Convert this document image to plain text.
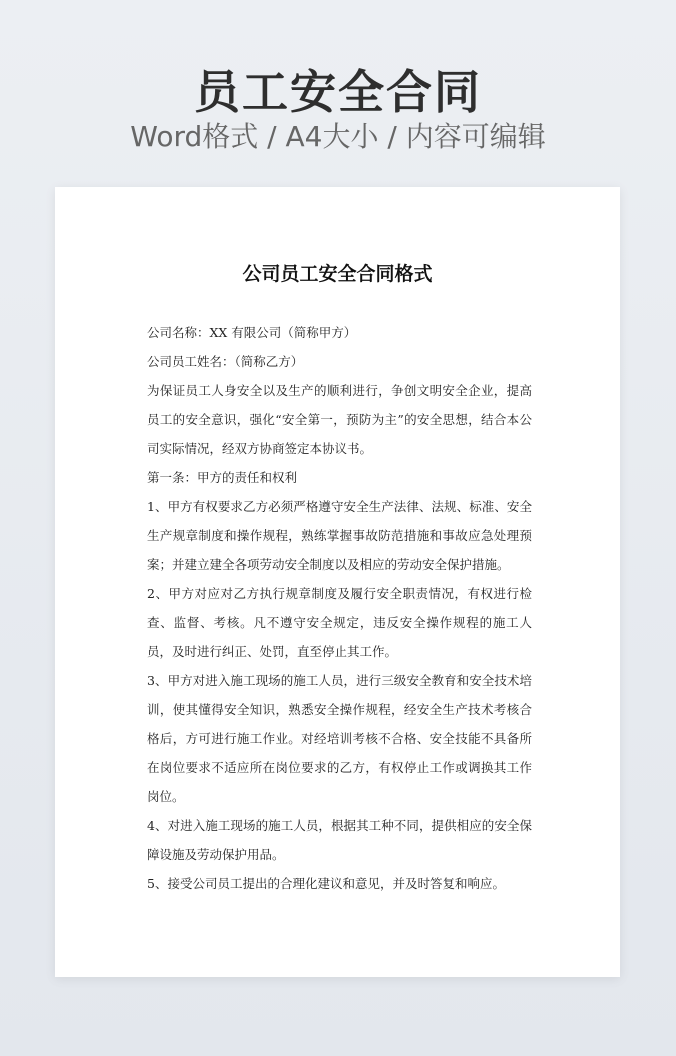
员工安全合同
Word格式 / A4大小 / 内容可编辑
公司员工安全合同格式

公司名称：XX 有限公司（简称甲方）

公司员工姓名：（简称乙方）

为保证员工人身安全以及生产的顺利进行，争创文明安全企业，提高员工的安全意识，强化“安全第一，预防为主”的安全思想，结合本公司实际情况，经双方协商签定本协议书。

第一条：甲方的责任和权利

1、甲方有权要求乙方必须严格遵守安全生产法律、法规、标准、安全生产规章制度和操作规程，熟练掌握事故防范措施和事故应急处理预案；并建立建全各项劳动安全制度以及相应的劳动安全保护措施。

2、甲方对应对乙方执行规章制度及履行安全职责情况，有权进行检查、监督、考核。凡不遵守安全规定，违反安全操作规程的施工人员，及时进行纠正、处罚，直至停止其工作。

3、甲方对进入施工现场的施工人员，进行三级安全教育和安全技术培训，使其懂得安全知识，熟悉安全操作规程，经安全生产技术考核合格后，方可进行施工作业。对经培训考核不合格、安全技能不具备所在岗位要求不适应所在岗位要求的乙方，有权停止工作或调换其工作岗位。

4、对进入施工现场的施工人员，根据其工种不同，提供相应的安全保障设施及劳动保护用品。

5、接受公司员工提出的合理化建议和意见，并及时答复和响应。
